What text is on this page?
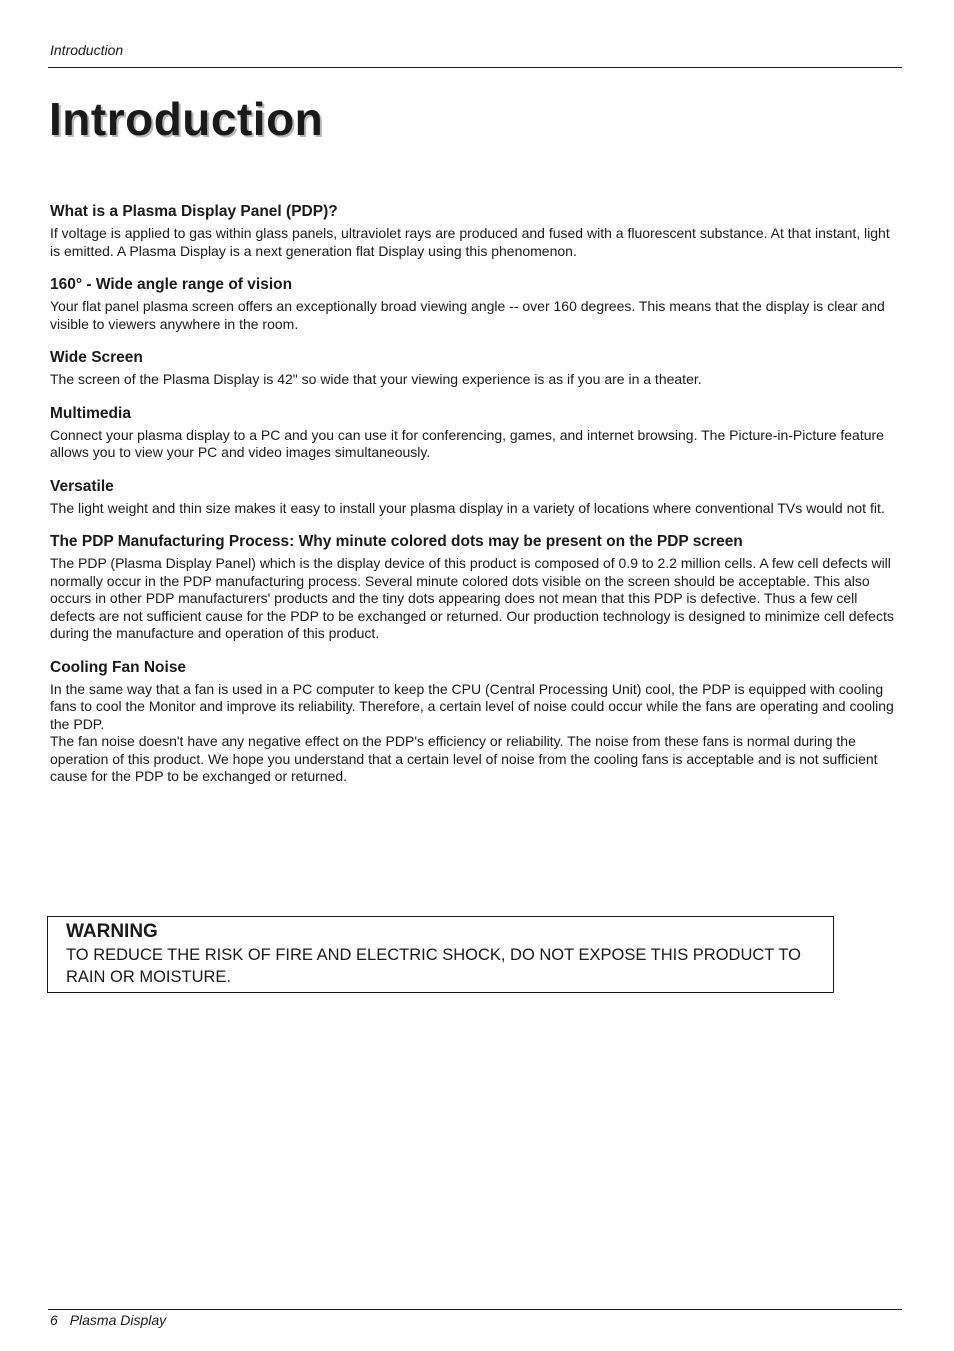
Introduction
Introduction
What is a Plasma Display Panel (PDP)?

If voltage is applied to gas within glass panels, ultraviolet rays are produced and fused with a fluorescent substance. At that instant, light is emitted. A Plasma Display is a next generation flat Display using this phenomenon.

160° - Wide angle range of vision

Your flat panel plasma screen offers an exceptionally broad viewing angle -- over 160 degrees. This means that the display is clear and visible to viewers anywhere in the room.

Wide Screen

The screen of the Plasma Display is 42" so wide that your viewing experience is as if you are in a theater.

Multimedia

Connect your plasma display to a PC and you can use it for conferencing, games, and internet browsing. The Picture-in-Picture feature allows you to view your PC and video images simultaneously.

Versatile

The light weight and thin size makes it easy to install your plasma display in a variety of locations where conventional TVs would not fit.

The PDP Manufacturing Process: Why minute colored dots may be present on the PDP screen

The PDP (Plasma Display Panel) which is the display device of this product is composed of 0.9 to 2.2 million cells. A few cell defects will normally occur in the PDP manufacturing process. Several minute colored dots visible on the screen should be acceptable. This also occurs in other PDP manufacturers' products and the tiny dots appearing does not mean that this PDP is defective. Thus a few cell defects are not sufficient cause for the PDP to be exchanged or returned. Our production technology is designed to minimize cell defects during the manufacture and operation of this product.

Cooling Fan Noise

In the same way that a fan is used in a PC computer to keep the CPU (Central Processing Unit) cool, the PDP is equipped with cooling fans to cool the Monitor and improve its reliability. Therefore, a certain level of noise could occur while the fans are operating and cooling the PDP.

The fan noise doesn't have any negative effect on the PDP's efficiency or reliability. The noise from these fans is normal during the operation of this product. We hope you understand that a certain level of noise from the cooling fans is acceptable and is not sufficient cause for the PDP to be exchanged or returned.

WARNING

TO REDUCE THE RISK OF FIRE AND ELECTRIC SHOCK, DO NOT EXPOSE THIS PRODUCT TO RAIN OR MOISTURE.

6 Plasma Display
